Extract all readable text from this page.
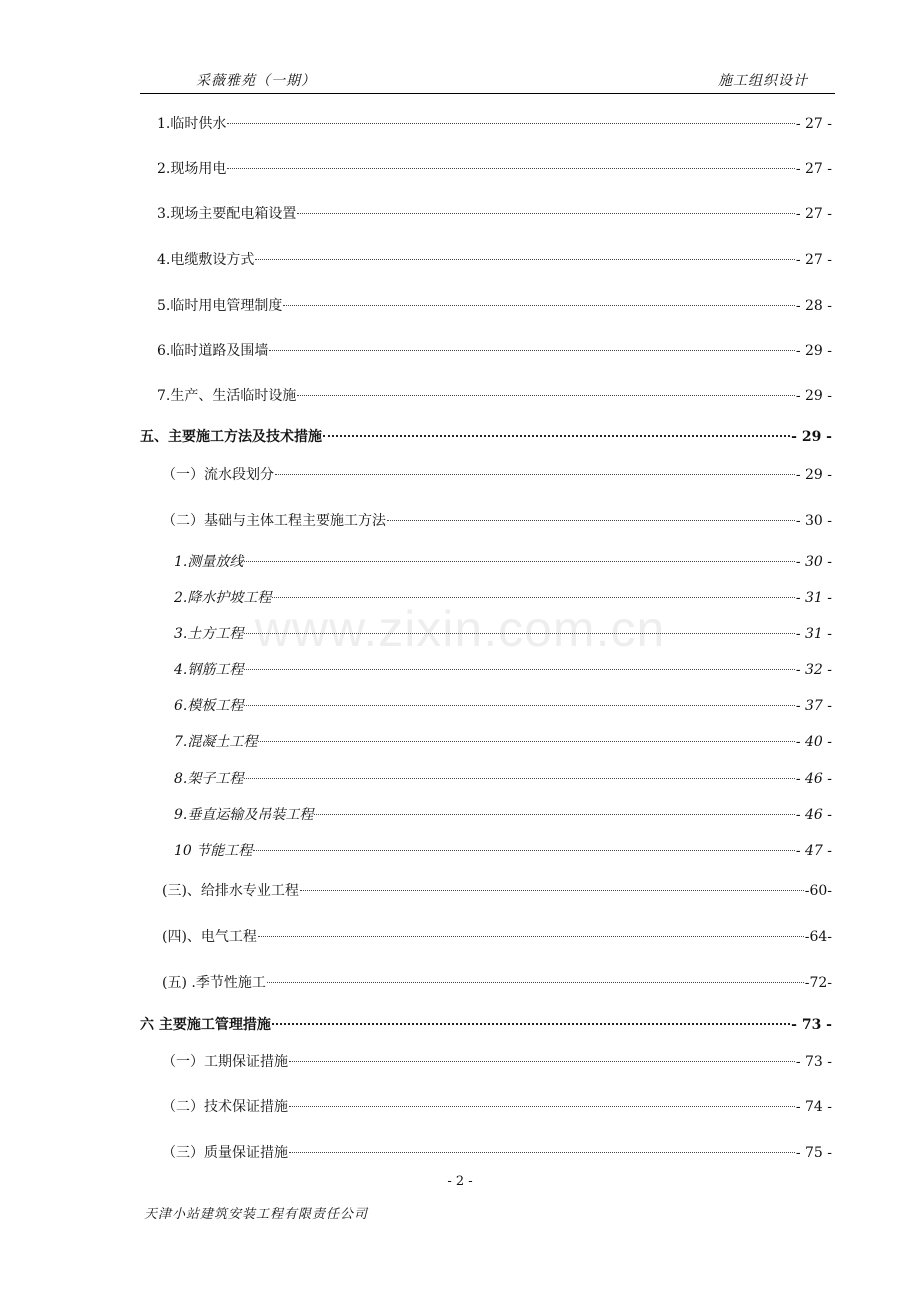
采薇雅苑（一期）	施工组织设计
www.zixin.com.cn
1.临时供水	- 27 -
2.现场用电	- 27 -
3.现场主要配电箱设置	- 27 -
4.电缆敷设方式	- 27 -
5.临时用电管理制度	- 28 -
6.临时道路及围墙	- 29 -
7.生产、生活临时设施	- 29 -
五、主要施工方法及技术措施	- 29 -
（一）流水段划分	- 29 -
（二）基础与主体工程主要施工方法	- 30 -
1.测量放线	- 30 -
2.降水护坡工程	- 31 -
3.土方工程	- 31 -
4.钢筋工程	- 32 -
6.模板工程	- 37 -
7.混凝土工程	- 40 -
8.架子工程	- 46 -
9.垂直运输及吊装工程	- 46 -
10 节能工程	- 47 -
(三)、给排水专业工程	-60-
(四)、电气工程	-64-
(五) .季节性施工	-72-
六 主要施工管理措施	- 73 -
（一）工期保证措施	- 73 -
（二）技术保证措施	- 74 -
（三）质量保证措施	- 75 -
- 2 -
天津小站建筑安装工程有限责任公司
